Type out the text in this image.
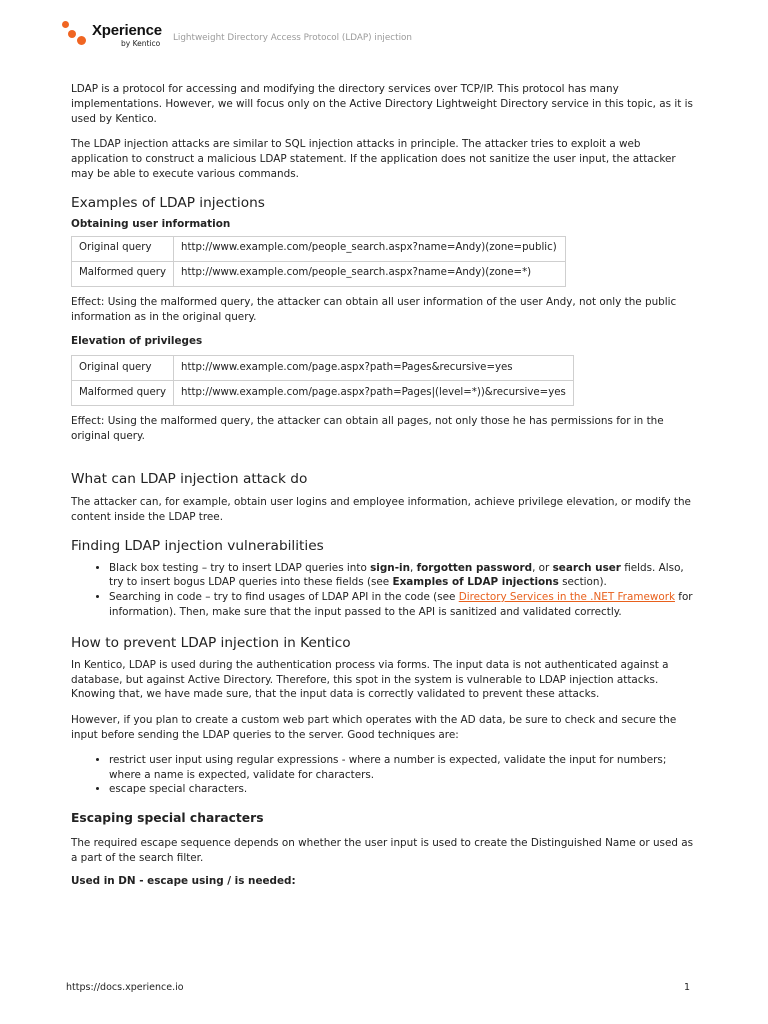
Xperience
by Kentico
Lightweight Directory Access Protocol (LDAP) injection

LDAP is a protocol for accessing and modifying the directory services over TCP/IP. This protocol has many implementations. However, we will focus only on the Active Directory Lightweight Directory service in this topic, as it is used by Kentico.

The LDAP injection attacks are similar to SQL injection attacks in principle. The attacker tries to exploit a web application to construct a malicious LDAP statement. If the application does not sanitize the user input, the attacker may be able to execute various commands.

Examples of LDAP injections
Obtaining user information
Original query	http://www.example.com/people_search.aspx?name=Andy)(zone=public)
Malformed query	http://www.example.com/people_search.aspx?name=Andy)(zone=*)

Effect: Using the malformed query, the attacker can obtain all user information of the user Andy, not only the public information as in the original query.

Elevation of privileges
Original query	http://www.example.com/page.aspx?path=Pages&recursive=yes
Malformed query	http://www.example.com/page.aspx?path=Pages|(level=*))&recursive=yes

Effect: Using the malformed query, the attacker can obtain all pages, not only those he has permissions for in the original query.

What can LDAP injection attack do

The attacker can, for example, obtain user logins and employee information, achieve privilege elevation, or modify the content inside the LDAP tree.

Finding LDAP injection vulnerabilities
• Black box testing – try to insert LDAP queries into sign-in, forgotten password, or search user fields. Also, try to insert bogus LDAP queries into these fields (see Examples of LDAP injections section).
• Searching in code – try to find usages of LDAP API in the code (see Directory Services in the .NET Framework for information). Then, make sure that the input passed to the API is sanitized and validated correctly.
How to prevent LDAP injection in Kentico

In Kentico, LDAP is used during the authentication process via forms. The input data is not authenticated against a database, but against Active Directory. Therefore, this spot in the system is vulnerable to LDAP injection attacks. Knowing that, we have made sure, that the input data is correctly validated to prevent these attacks.

However, if you plan to create a custom web part which operates with the AD data, be sure to check and secure the input before sending the LDAP queries to the server. Good techniques are:

• restrict user input using regular expressions - where a number is expected, validate the input for numbers; where a name is expected, validate for characters.
• escape special characters.
Escaping special characters

The required escape sequence depends on whether the user input is used to create the Distinguished Name or used as a part of the search filter.

Used in DN - escape using / is needed:
https://docs.xperience.io	1
